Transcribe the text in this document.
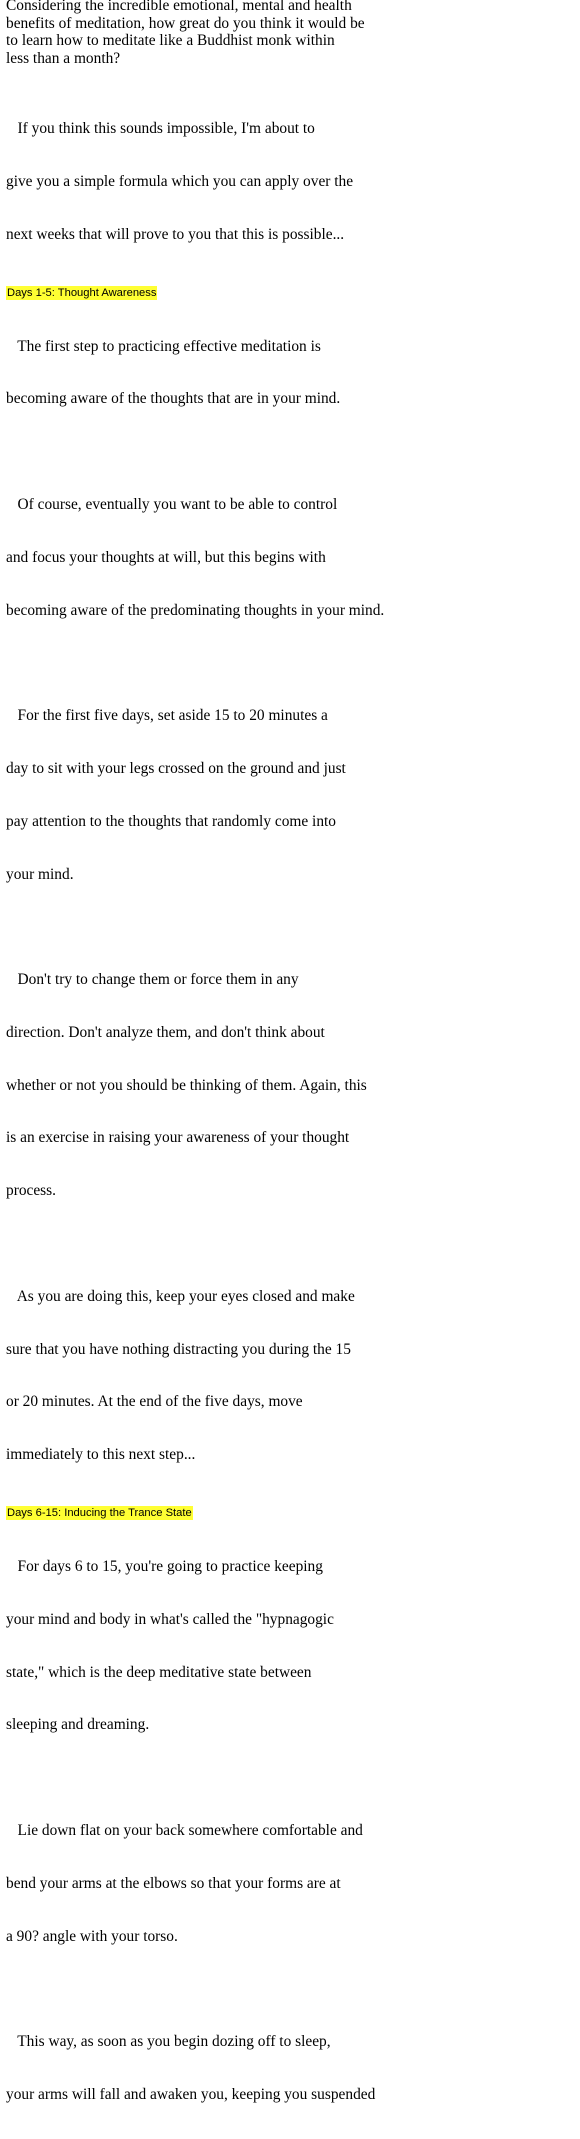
Considering the incredible emotional, mental and health
benefits of meditation, how great do you think it would be
to learn how to meditate like a Buddhist monk within
less than a month?

If you think this sounds impossible, I'm about to

give you a simple formula which you can apply over the

next weeks that will prove to you that this is possible...

Days 1-5: Thought Awareness

The first step to practicing effective meditation is

becoming aware of the thoughts that are in your mind.

Of course, eventually you want to be able to control

and focus your thoughts at will, but this begins with

becoming aware of the predominating thoughts in your mind.

For the first five days, set aside 15 to 20 minutes a

day to sit with your legs crossed on the ground and just

pay attention to the thoughts that randomly come into

your mind.

Don't try to change them or force them in any

direction. Don't analyze them, and don't think about

whether or not you should be thinking of them. Again, this

is an exercise in raising your awareness of your thought

process.

As you are doing this, keep your eyes closed and make

sure that you have nothing distracting you during the 15

or 20 minutes. At the end of the five days, move

immediately to this next step...

Days 6-15: Inducing the Trance State

For days 6 to 15, you're going to practice keeping

your mind and body in what's called the "hypnagogic

state," which is the deep meditative state between

sleeping and dreaming.

Lie down flat on your back somewhere comfortable and

bend your arms at the elbows so that your forms are at

a 90? angle with your torso.

This way, as soon as you begin dozing off to sleep,

your arms will fall and awaken you, keeping you suspended
